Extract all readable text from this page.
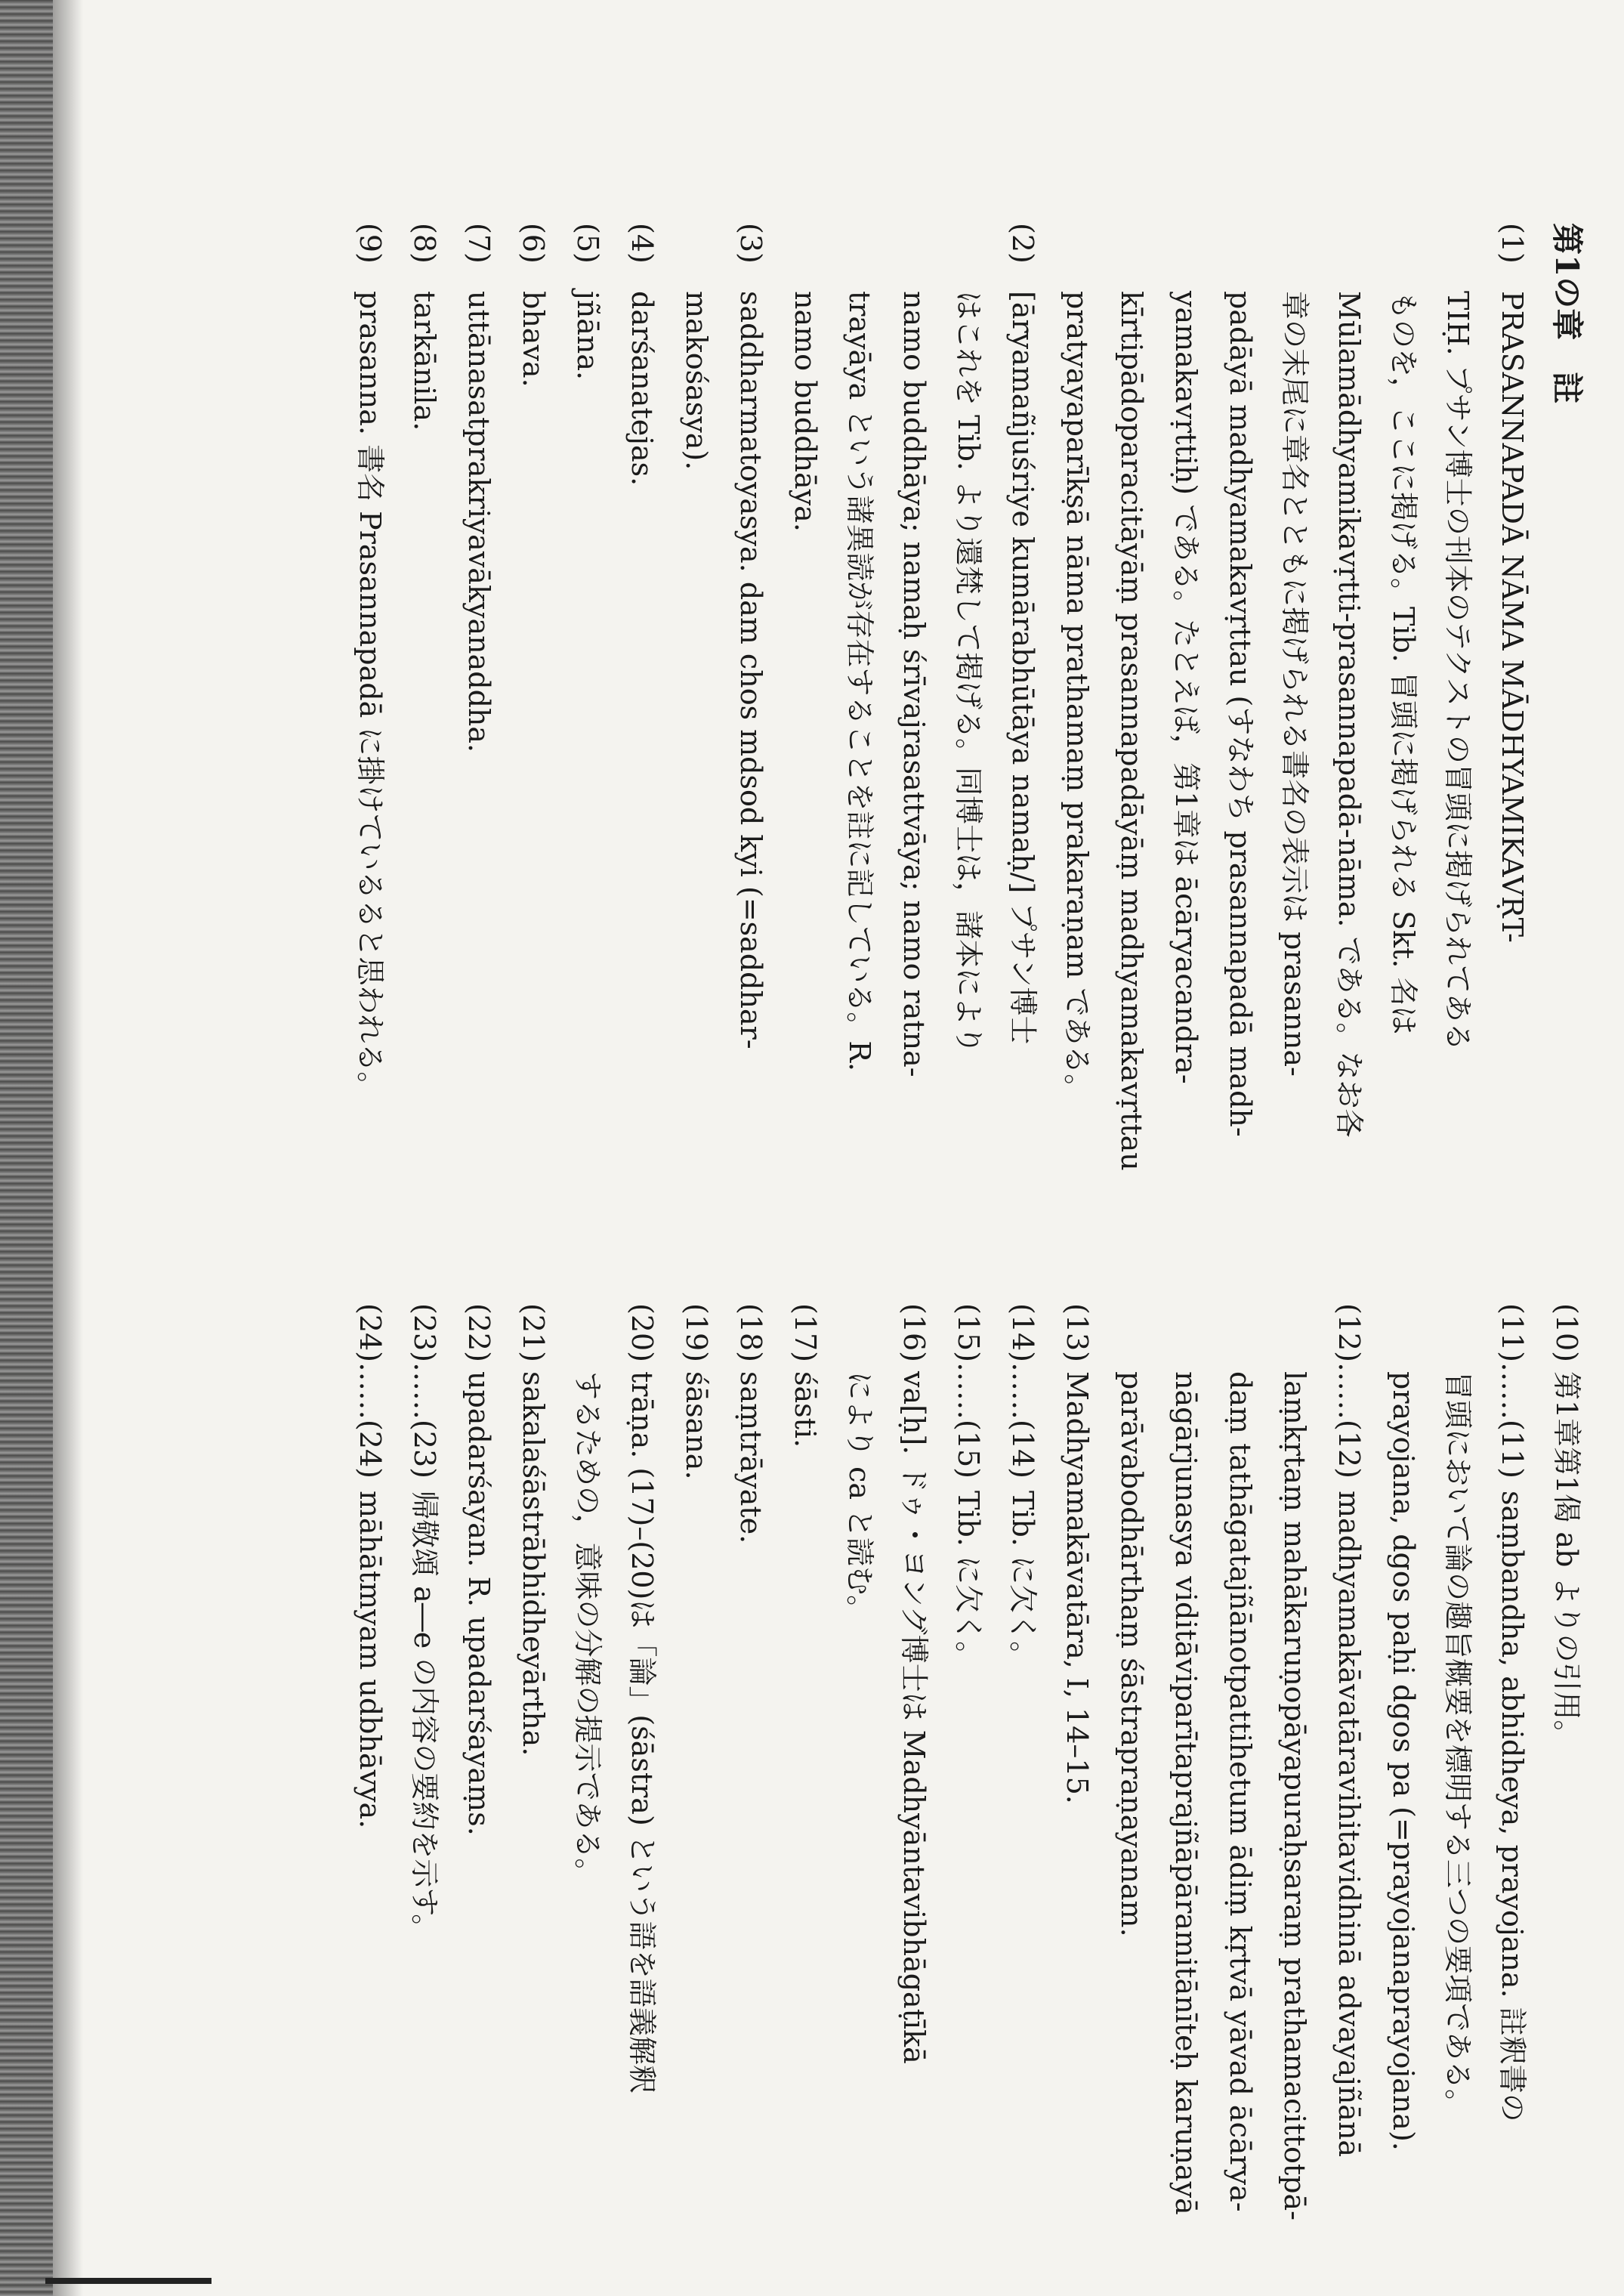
第1の章　註
(1)
PRASANNAPADĀ NĀMA MĀDHYAMIKAVṚT-
TIḤ. プサン博士の刊本のテクストの冒頭に掲げられてある
ものを，ここに掲げる。Tib. 冒頭に掲げられる Skt. 名は
Mūlamādhyamikavṛtti-prasannapadā-nāma. である。なお各
章の末尾に章名とともに掲げられる書名の表示は prasanna-
padāyā madhyamakavṛttau (すなわち prasannapadā madh-
yamakavṛttiḥ) である。たとえば，第1章は ācāryacandra-
kīrtipādoparacitāyāṃ prasannapadāyāṃ madhyamakavṛttau
pratyayaparīkṣā nāma prathamaṃ prakaraṇam である。
(2)
[āryamañjuśriye kumārabhūtāya namaḥ/] プサン博士
はこれを Tib. より還梵して掲げる。同博士は，諸本により
namo buddhāya; namaḥ śrīvajrasattvāya; namo ratna-
trayāya という諸異読が存在することを註に記している。R.
namo buddhāya.
(3)
saddharmatoyasya. dam chos mdsod kyi (=saddhar-
makośasya).
(4)
darśanatejas.
(5)
jñāna.
(6)
bhava.
(7)
uttānasatprakriyavākyanaddha.
(8)
tarkānila.
(9)
prasanna. 書名 Prasannapadā に掛けているると思われる。
(10)
第1章第1偈 ab よりの引用。
(11)……(11)
saṃbandha, abhidheya, prayojana. 註釈書の
冒頭において論の趣旨概要を標明する三つの要項である。
prayojana, dgos paḥi dgos pa (=prayojanaprayojana).
(12)……(12)
madhyamakāvatāravihitavidhinā advayajñānā
laṃkṛtaṃ mahākaruṇopāyapuraḥsaraṃ prathamacittotpā-
daṃ tathāgatajñānotpattihetum ādiṃ kṛtvā yāvad ācārya-
nāgārjunasya viditāviparītaprajñāpāramitānīteḥ karuṇayā
parāvabodhārthaṃ śāstrapraṇayanam.
(13)
Madhyamakāvatāra, I, 14–15.
(14)……(14)
Tib. に欠く。
(15)……(15)
Tib. に欠く。
(16)
va[ḥ]. ドゥ・ヨング博士は Madhyāntavibhāgaṭīkā
により ca と読む。
(17)
śāsti.
(18)
saṃtrāyate.
(19)
śāsana.
(20)
trāṇa. (17)–(20)は「論」(śāstra) という語を語義解釈
するための，意味の分解の提示である。
(21)
sakalaśāstrābhidheyārtha.
(22)
upadarśayan. R. upadarśayaṃs.
(23)……(23)
帰敬頌 a―e の内容の要約を示す。
(24)……(24)
māhātmyam udbhāvya.
